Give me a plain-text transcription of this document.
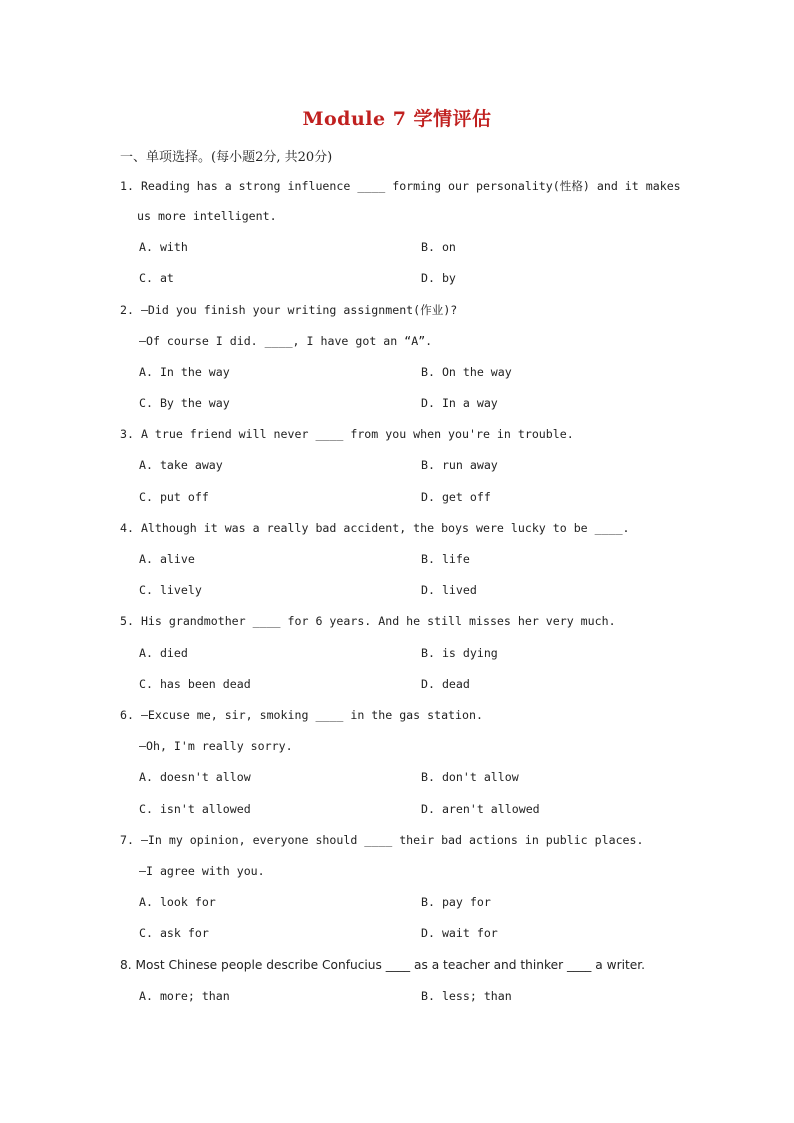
Module 7 学情评估
一、单项选择。(每小题2分, 共20分)
1. Reading has a strong influence ____ forming our personality(性格) and it makes
us more intelligent.
A. with	B. on
C. at	D. by
2. —Did you finish your writing assignment(作业)?
—Of course I did. ____, I have got an “A”.
A. In the way	B. On the way
C. By the way	D. In a way
3. A true friend will never ____ from you when you're in trouble.
A. take away	B. run away
C. put off	D. get off
4. Although it was a really bad accident, the boys were lucky to be ____.
A. alive	B. life
C. lively	D. lived
5. His grandmother ____ for 6 years. And he still misses her very much.
A. died	B. is dying
C. has been dead	D. dead
6. —Excuse me, sir, smoking ____ in the gas station.
—Oh, I'm really sorry.
A. doesn't allow	B. don't allow
C. isn't allowed	D. aren't allowed
7. —In my opinion, everyone should ____ their bad actions in public places.
—I agree with you.
A. look for	B. pay for
C. ask for	D. wait for
8. Most Chinese people describe Confucius ____ as a teacher and thinker ____ a writer.
A. more; than	B. less; than
